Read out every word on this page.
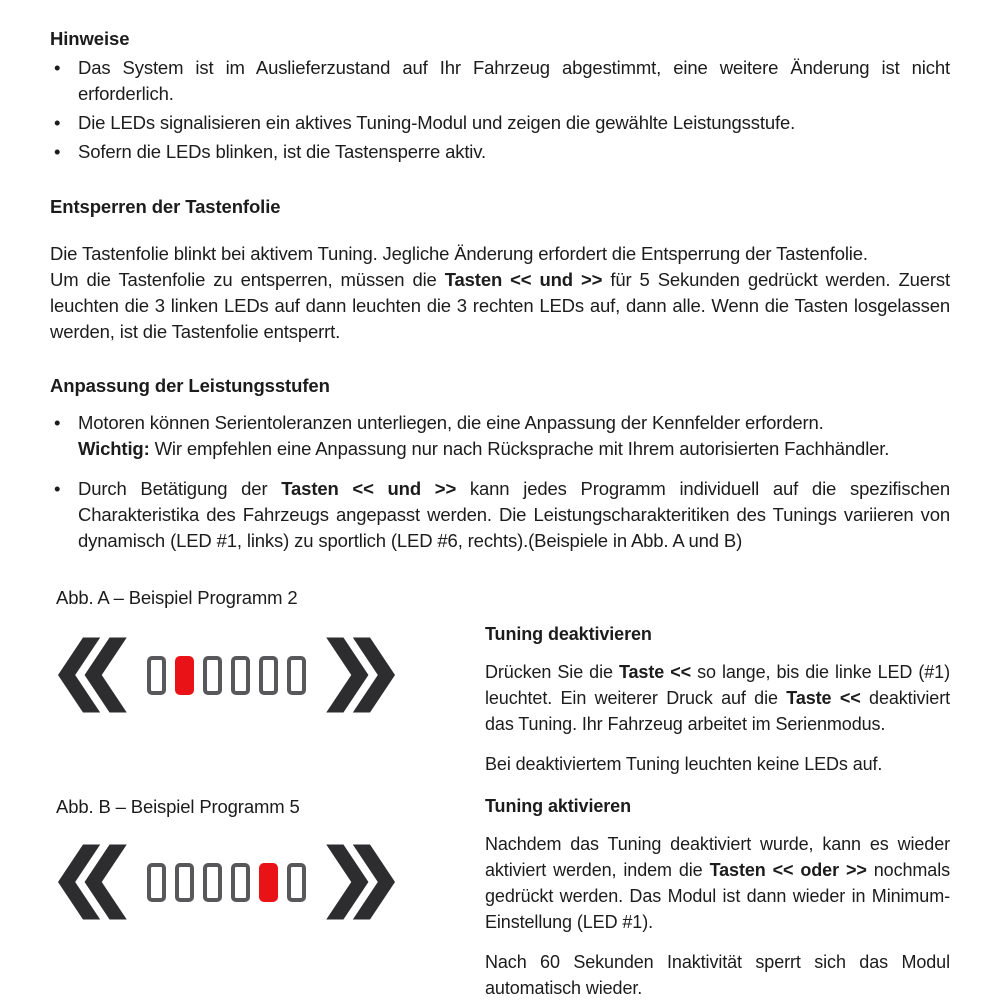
Hinweise
• Das System ist im Auslieferzustand auf Ihr Fahrzeug abgestimmt, eine weitere Änderung ist nicht erforderlich.
• Die LEDs signalisieren ein aktives Tuning-Modul und zeigen die gewählte Leistungsstufe.
• Sofern die LEDs blinken, ist die Tastensperre aktiv.
Entsperren der Tastenfolie
Die Tastenfolie blinkt bei aktivem Tuning. Jegliche Änderung erfordert die Entsperrung der Tastenfolie.
Um die Tastenfolie zu entsperren, müssen die Tasten << und >> für 5 Sekunden gedrückt werden. Zuerst leuchten die 3 linken LEDs auf dann leuchten die 3 rechten LEDs auf, dann alle. Wenn die Tasten losgelassen werden, ist die Tastenfolie entsperrt.
Anpassung der Leistungsstufen
• Motoren können Serientoleranzen unterliegen, die eine Anpassung der Kennfelder erfordern.
Wichtig: Wir empfehlen eine Anpassung nur nach Rücksprache mit Ihrem autorisierten Fachhändler.
• Durch Betätigung der Tasten << und >> kann jedes Programm individuell auf die spezifischen Charakteristika des Fahrzeugs angepasst werden. Die Leistungscharakteritiken des Tunings variieren von dynamisch (LED #1, links) zu sportlich (LED #6, rechts).(Beispiele in Abb. A und B)
Abb. A – Beispiel Programm 2
Abb. B – Beispiel Programm 5
Tuning deaktivieren
Drücken Sie die Taste << so lange, bis die linke LED (#1) leuchtet. Ein weiterer Druck auf die Taste << deaktiviert das Tuning. Ihr Fahrzeug arbeitet im Serienmodus.
Bei deaktiviertem Tuning leuchten keine LEDs auf.
Tuning aktivieren
Nachdem das Tuning deaktiviert wurde, kann es wieder aktiviert werden, indem die Tasten << oder >> nochmals gedrückt werden. Das Modul ist dann wieder in Minimum-Einstellung (LED #1).
Nach 60 Sekunden Inaktivität sperrt sich das Modul automatisch wieder.
